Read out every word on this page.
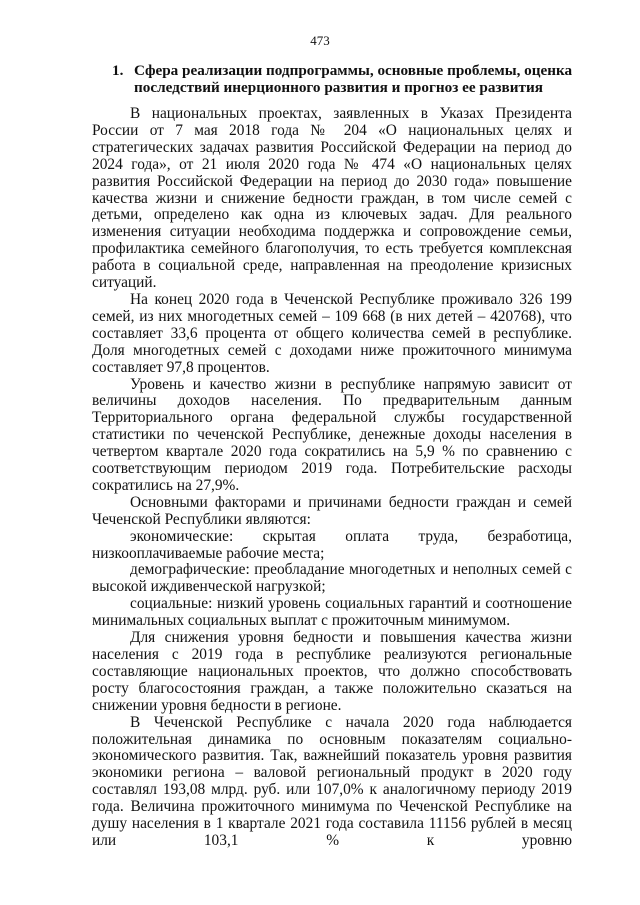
473
1. Сфера реализации подпрограммы, основные проблемы, оценка
последствий инерционного развития и прогноз ее развития

В национальных проектах, заявленных в Указах Президента России от 7 мая 2018 года № 204 «О национальных целях и стратегических задачах развития Российской Федерации на период до 2024 года», от 21 июля 2020 года № 474 «О национальных целях развития Российской Федерации на период до 2030 года» повышение качества жизни и снижение бедности граждан, в том числе семей с детьми, определено как одна из ключевых задач. Для реального изменения ситуации необходима поддержка и сопровождение семьи, профилактика семейного благополучия, то есть требуется комплексная работа в социальной среде, направленная на преодоление кризисных ситуаций.

На конец 2020 года в Чеченской Республике проживало 326 199 семей, из них многодетных семей – 109 668 (в них детей – 420768), что составляет 33,6 процента от общего количества семей в республике. Доля многодетных семей с доходами ниже прожиточного минимума составляет 97,8 процентов.

Уровень и качество жизни в республике напрямую зависит от величины доходов населения. По предварительным данным Территориального органа федеральной службы государственной статистики по чеченской Республике, денежные доходы населения в четвертом квартале 2020 года сократились на 5,9 % по сравнению с соответствующим периодом 2019 года. Потребительские расходы сократились на 27,9%.

Основными факторами и причинами бедности граждан и семей Чеченской Республики являются:

экономические: скрытая оплата труда, безработица, низкооплачиваемые рабочие места;

демографические: преобладание многодетных и неполных семей с высокой иждивенческой нагрузкой;

социальные: низкий уровень социальных гарантий и соотношение минимальных социальных выплат с прожиточным минимумом.

Для снижения уровня бедности и повышения качества жизни населения с 2019 года в республике реализуются региональные составляющие национальных проектов, что должно способствовать росту благосостояния граждан, а также положительно сказаться на снижении уровня бедности в регионе.

В Чеченской Республике с начала 2020 года наблюдается положительная динамика по основным показателям социально-экономического развития. Так, важнейший показатель уровня развития экономики региона – валовой региональный продукт в 2020 году составлял 193,08 млрд. руб. или 107,0% к аналогичному периоду 2019 года. Величина прожиточного минимума по Чеченской Республике на душу населения в 1 квартале 2021 года составила 11156 рублей в месяц или 103,1 % к уровню
